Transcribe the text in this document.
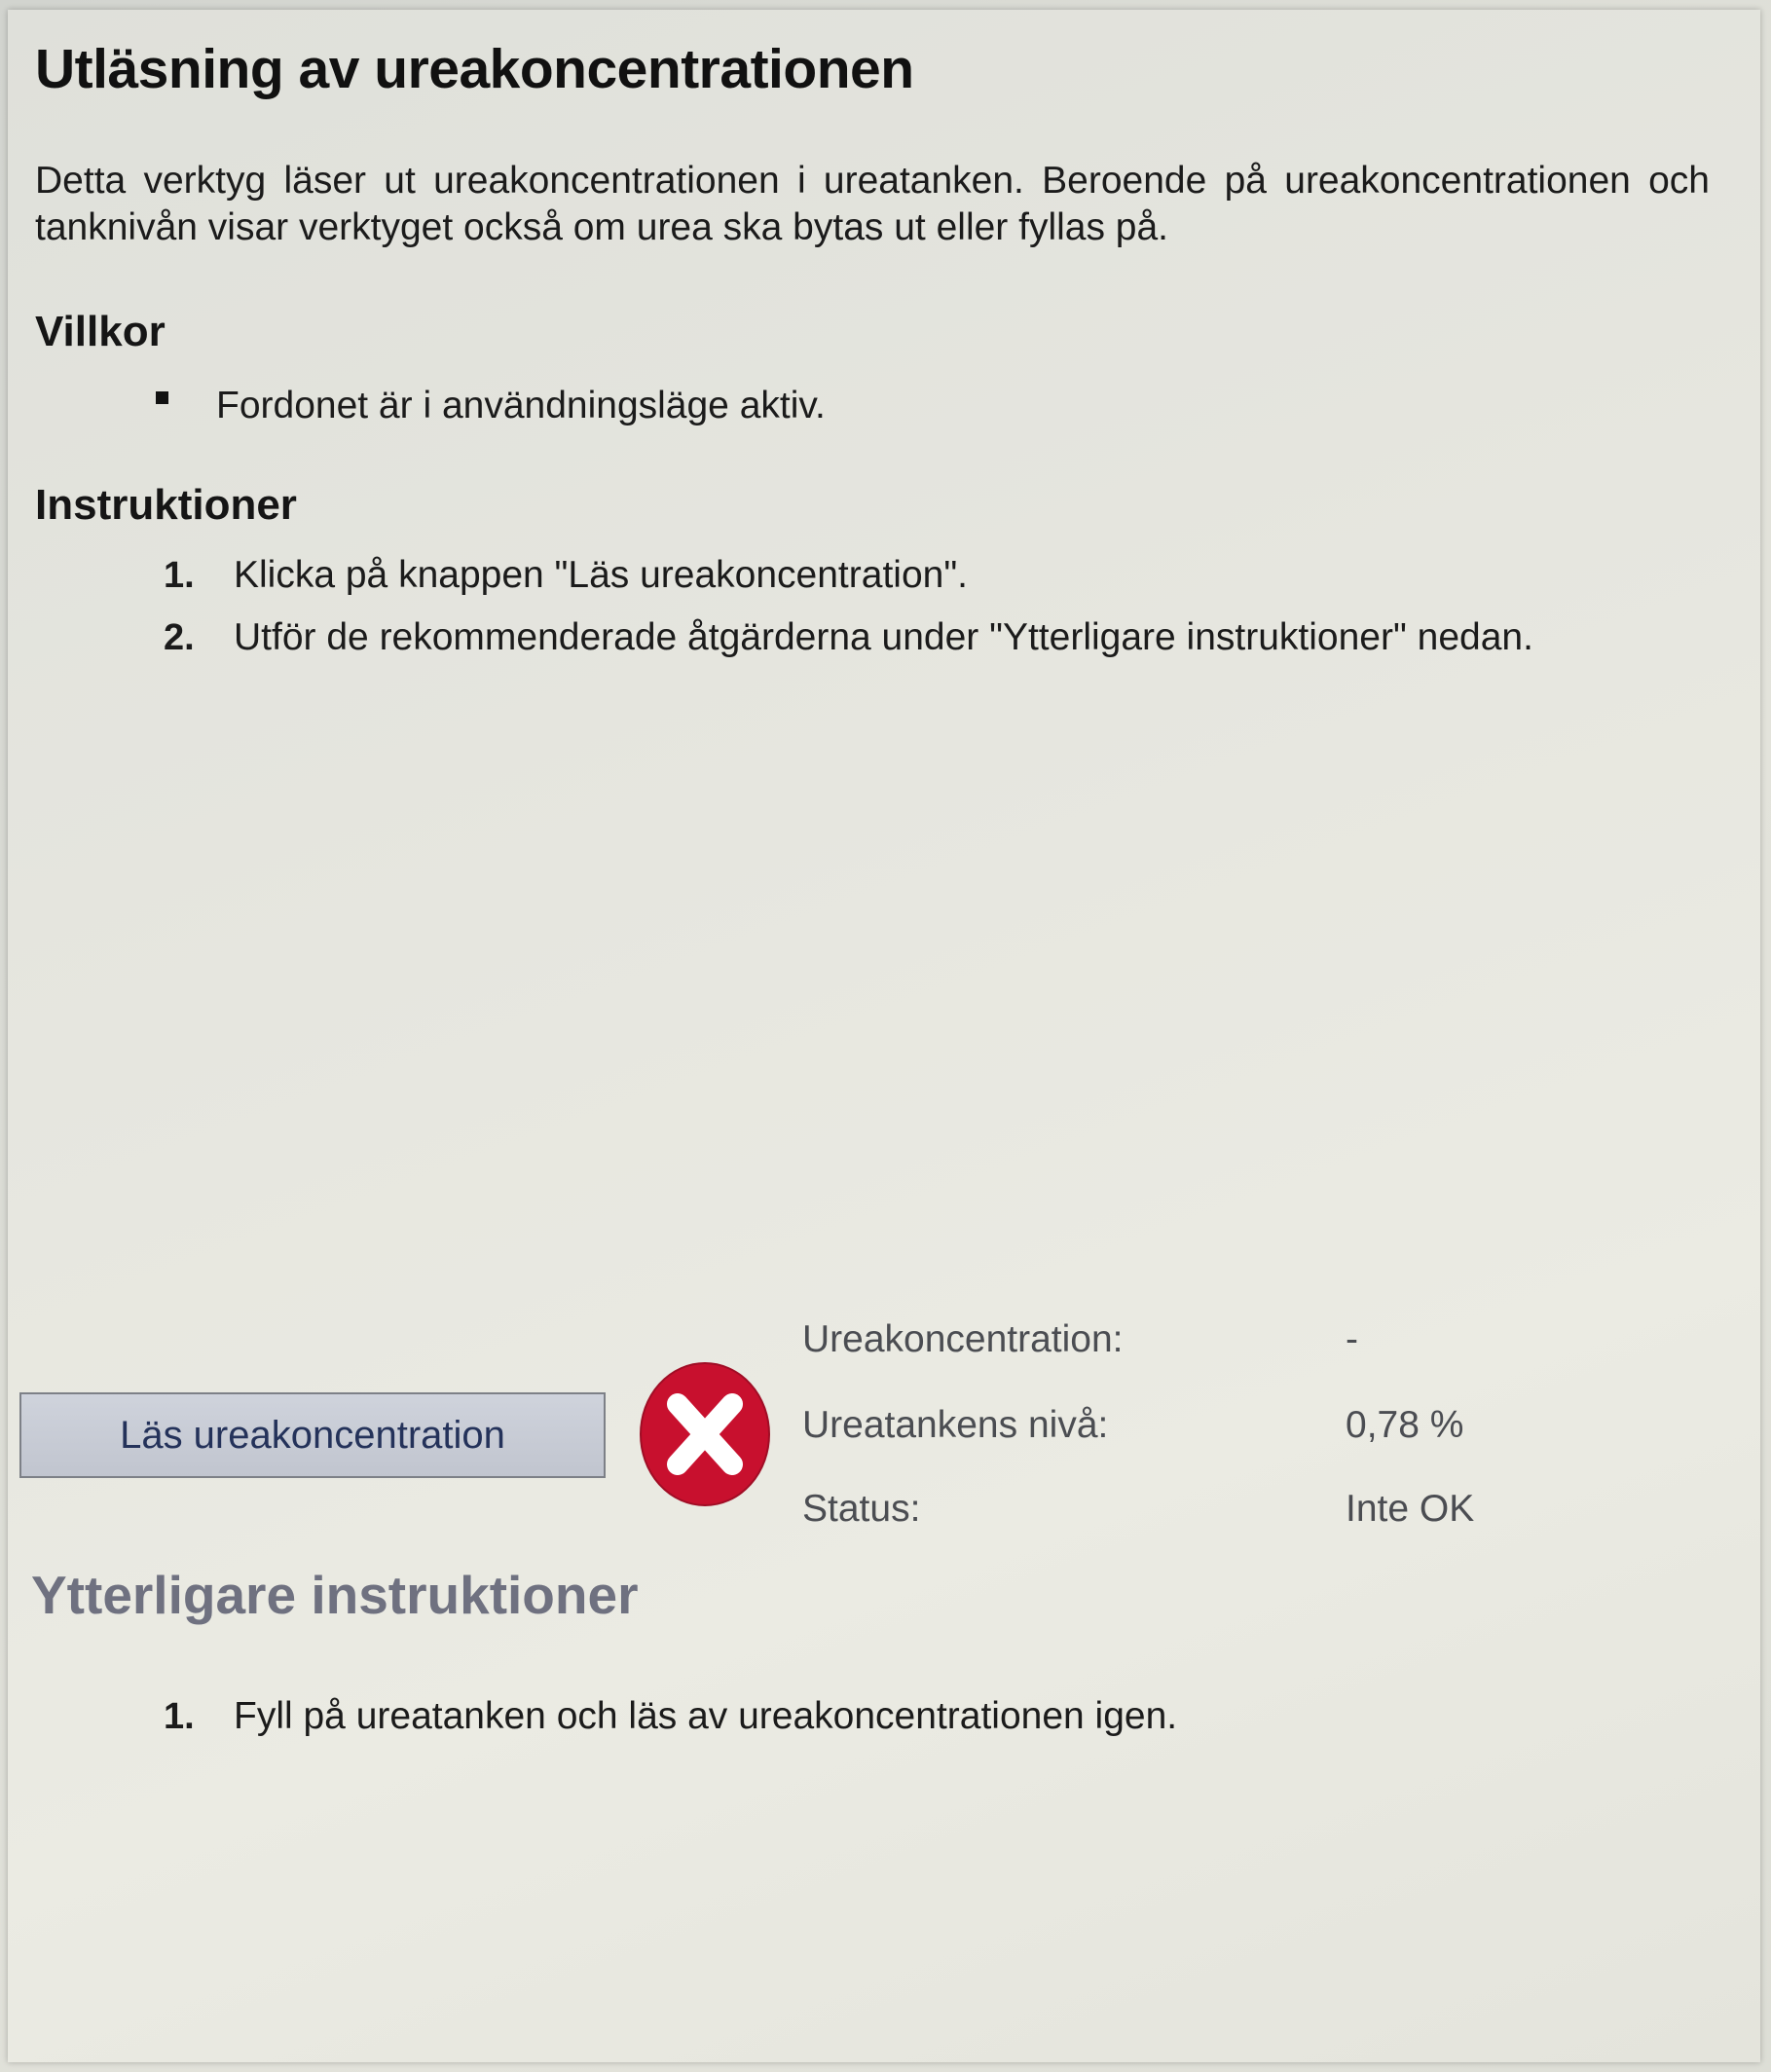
Utläsning av ureakoncentrationen

Detta verktyg läser ut ureakoncentrationen i ureatanken. Beroende på ureakoncentrationen och tanknivån visar verktyget också om urea ska bytas ut eller fyllas på.

Villkor
Fordonet är i användningsläge aktiv.
Instruktioner
1. Klicka på knappen "Läs ureakoncentration".
2. Utför de rekommenderade åtgärderna under "Ytterligare instruktioner" nedan.
Läs ureakoncentration
Ureakoncentration:	-
Ureatankens nivå:	0,78 %
Status:	Inte OK
Ytterligare instruktioner
1. Fyll på ureatanken och läs av ureakoncentrationen igen.
